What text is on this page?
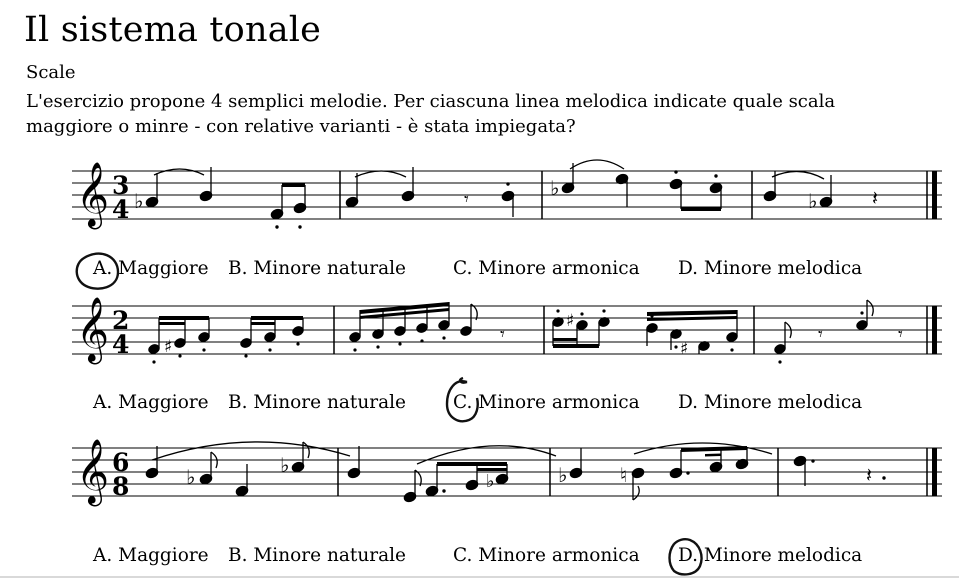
Il sistema tonale
Scale
L'esercizio propone 4 semplici melodie. Per ciascuna linea melodica indicate quale scala maggiore o minre - con relative varianti - è stata impiegata?
𝄞 3
4 ♭	𝄾	♭
♭	𝄽
A. Maggiore B. Minore naturale	C. Minore armonica D. Minore melodica
𝄞 2
4 ♯
𝄾
♯
♯
𝄾	𝄾
A. Maggiore B. Minore naturale	C. Minore armonica D. Minore melodica
𝄞 6
8	♭	♭
♭	♭	♮	𝄽
A. Maggiore B. Minore naturale	C. Minore armonica D. Minore melodica
